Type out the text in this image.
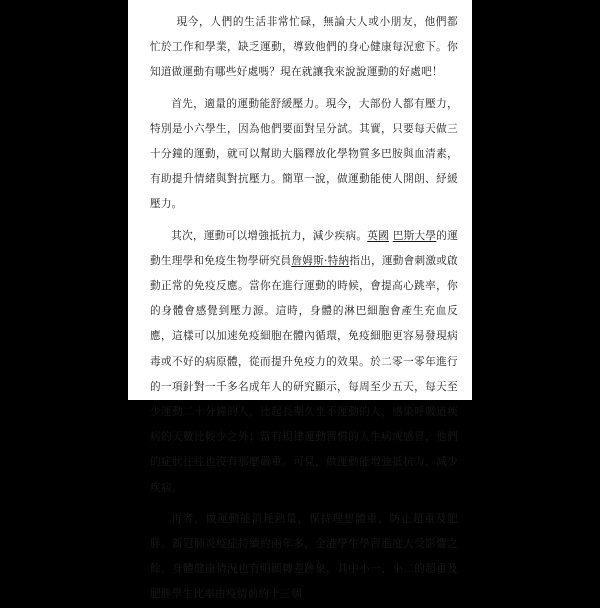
現今，人們的生活非常忙碌，無論大人或小朋友，他們都忙於工作和學業，缺乏運動，導致他們的身心健康每況愈下。你知道做運動有哪些好處嗎？現在就讓我來說說運動的好處吧！

首先，適量的運動能舒緩壓力。現今，大部份人都有壓力，特別是小六學生，因為他們要面對呈分試。其實，只要每天做三十分鐘的運動，就可以幫助大腦釋放化學物質多巴胺與血清素，有助提升情緒與對抗壓力。簡單一說，做運動能使人開朗、紓緩壓力。

其次，運動可以增強抵抗力，減少疾病。英國 巴斯大學的運動生理學和免疫生物學研究員詹姆斯·特納指出，運動會刺激或啟動正常的免疫反應。當你在進行運動的時候，會提高心跳率，你的身體會感覺到壓力源。這時，身體的淋巴細胞會產生充血反應，這樣可以加速免疫細胞在體內循環，免疫細胞更容易發現病毒或不好的病原體，從而提升免疫力的效果。於二零一零年進行的一項針對一千多名成年人的研究顯示，每周至少五天，每天至少運動二十分鐘的人，比起長期久坐不運動的人，感染呼吸道疾病的天數比較少之外；當有規律運動習慣的人生病或感冒，他們的症狀往往也沒有那麼嚴重。可見，做運動能增強抵抗力，減少疾病。

再者，做運動能消耗熱量，保持理想體重，防止超重及肥胖。新冠肺炎疫症持續約兩年多，全港學生學習進度大受影響之餘，身體健康情況也有明顯轉差跡象，其中小一、小二的超重及肥胖學生比率由疫情前約十三個
